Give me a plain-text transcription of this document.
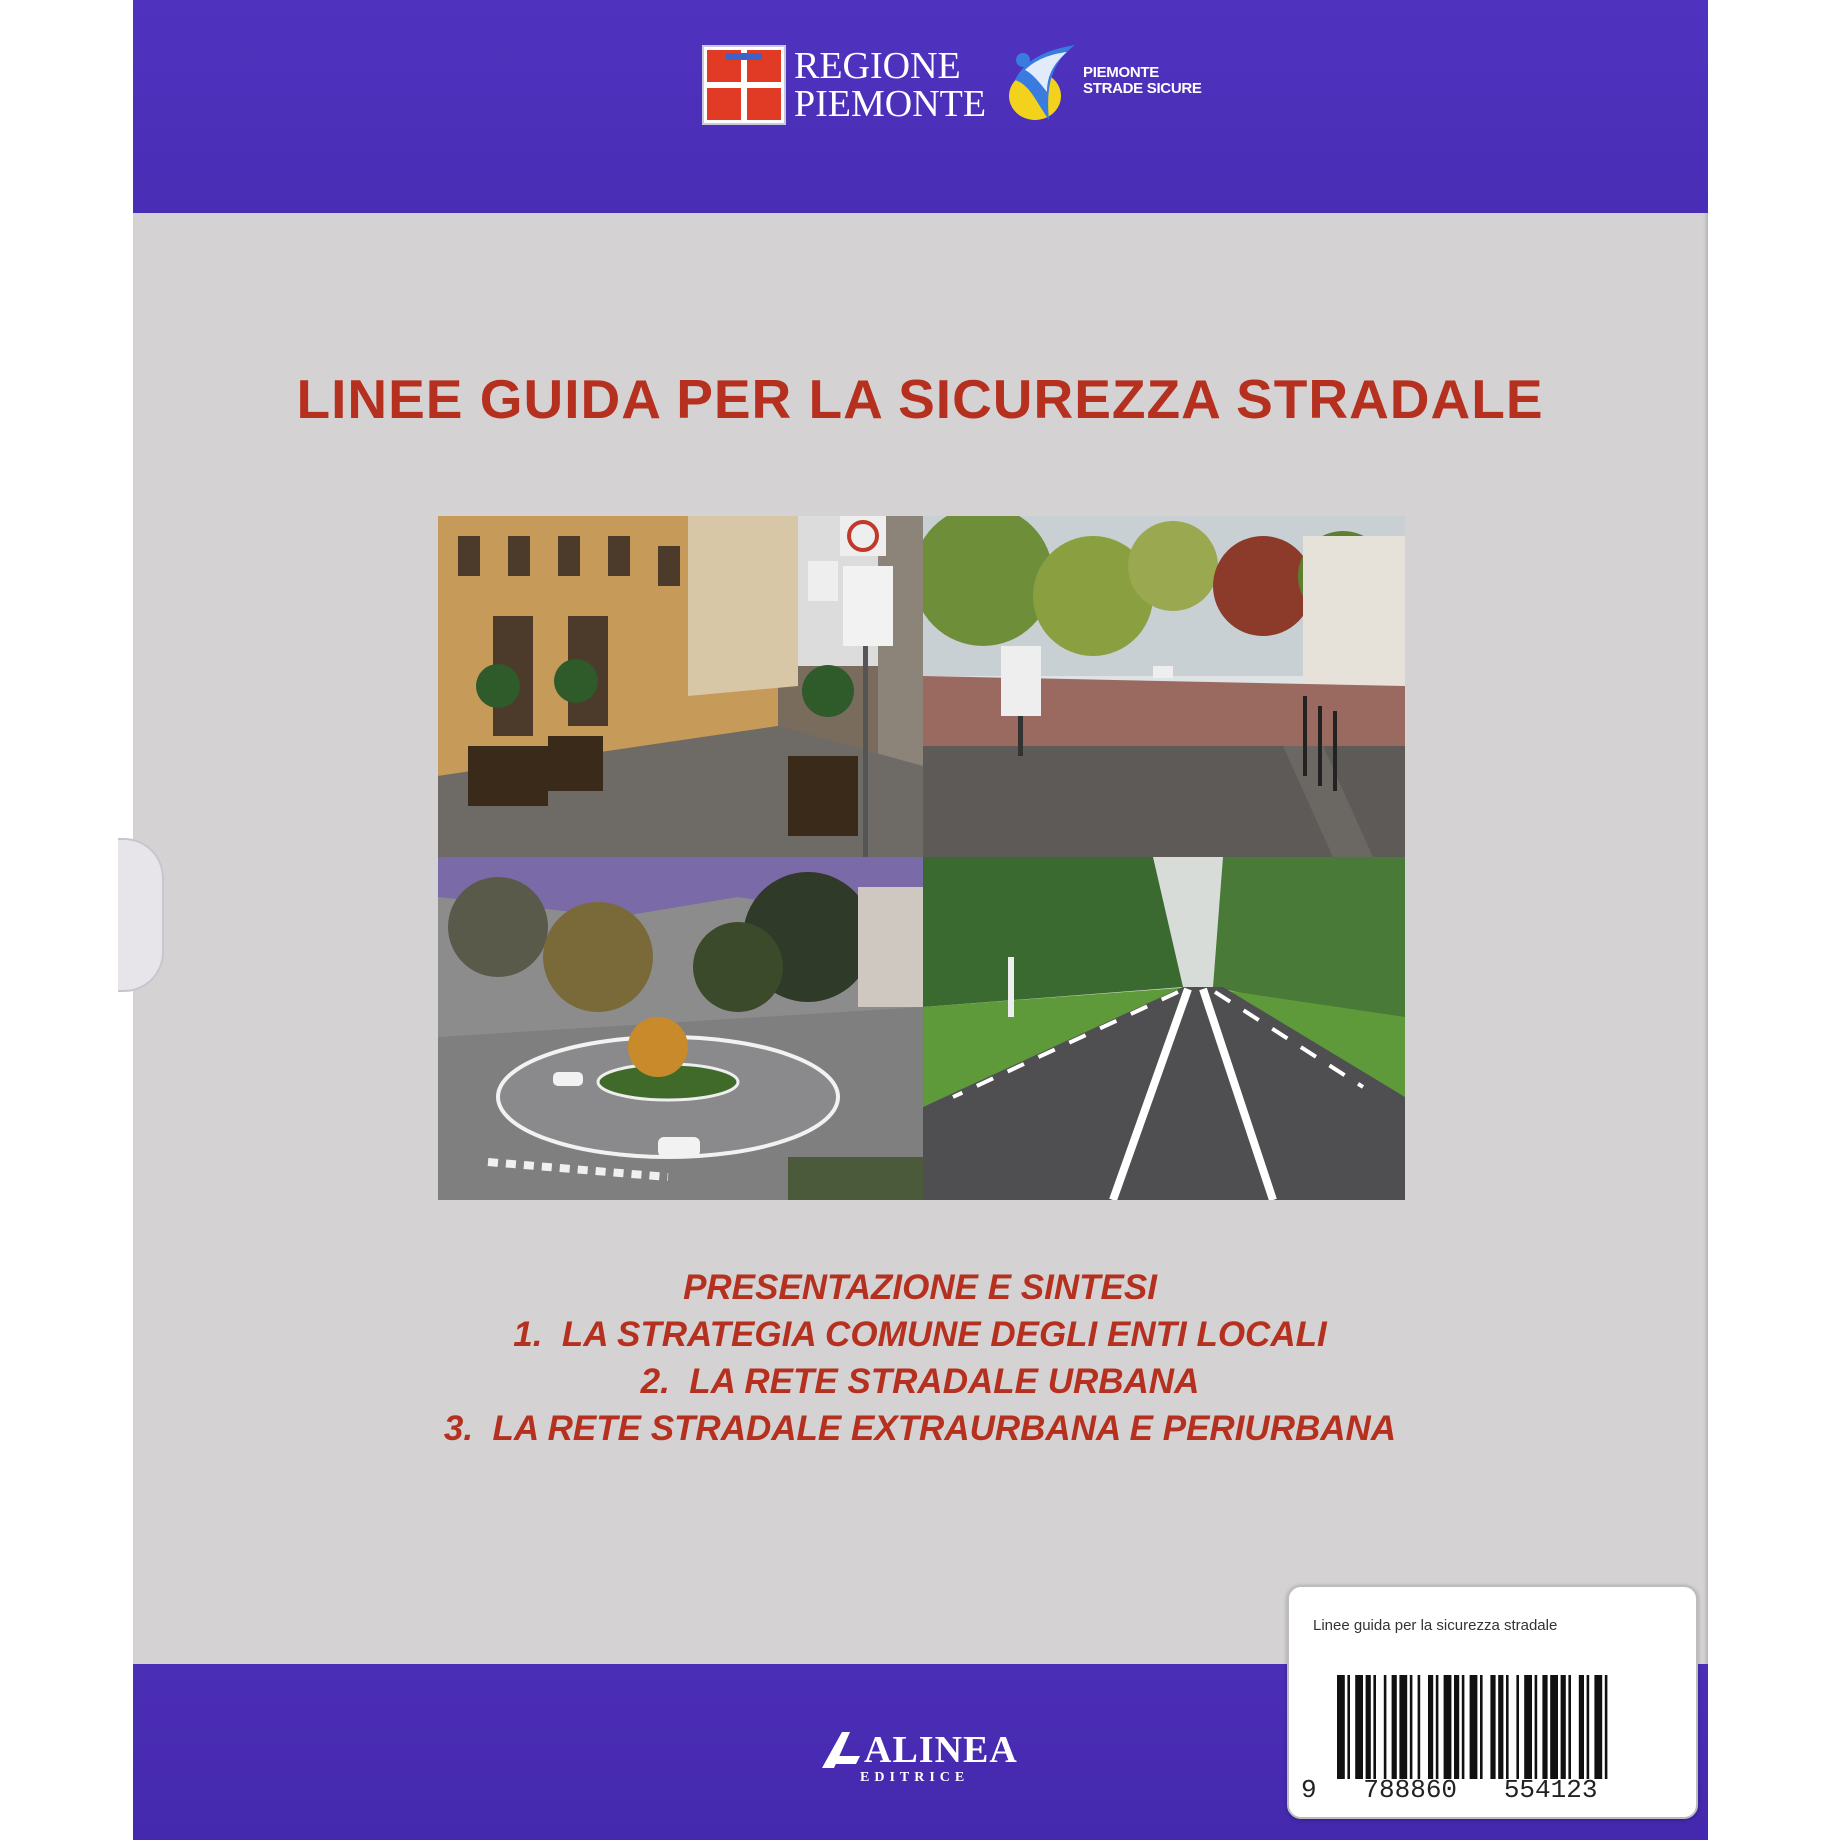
REGIONE
PIEMONTE
PIEMONTE
STRADE SICURE
LINEE GUIDA PER LA SICUREZZA STRADALE
PRESENTAZIONE E SINTESI
1.  LA STRATEGIA COMUNE DEGLI ENTI LOCALI
2.  LA RETE STRADALE URBANA
3.  LA RETE STRADALE EXTRAURBANA E PERIURBANA
Linee guida per la sicurezza stradale
9   788860   554123
ALINEA
EDITRICE
